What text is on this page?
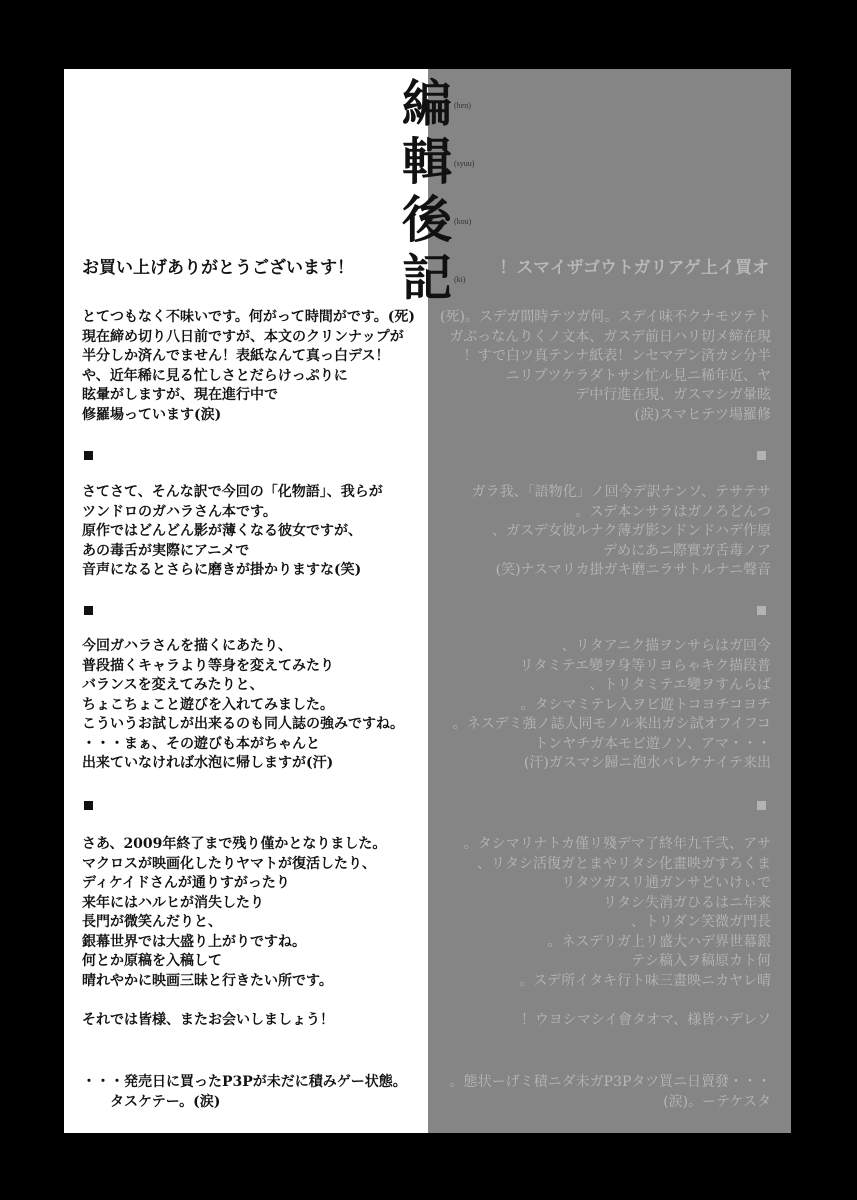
編 (hen)
輯 (syuu)
後 (kou)
記 (ki)
お買い上げありがとうございます！	！スマイザゴウトガリアゲ上イ買オ
とてつもなく不味いです。何がって時間がです。(死)
現在締め切り八日前ですが、本文のクリンナップが
半分しか済んでません！表紙なんて真っ白デス！
や、近年稀に見る忙しさとだらけっぷりに
眩暈がしますが、現在進行中で
修羅場っています(涙)
さてさて、そんな訳で今回の「化物語」、我らが
ツンドロのガハラさん本です。
原作ではどんどん影が薄くなる彼女ですが、
あの毒舌が実際にアニメで
音声になるとさらに磨きが掛かりますな(笑)
今回ガハラさんを描くにあたり、
普段描くキャラより等身を変えてみたり
バランスを変えてみたりと、
ちょこちょこと遊びを入れてみました。
こういうお試しが出来るのも同人誌の強みですね。
・・・まぁ、その遊びも本がちゃんと
出来ていなければ水泡に帰しますが(汗)
さあ、2009年終了まで残り僅かとなりました。
マクロスが映画化したりヤマトが復活したり、
ディケイドさんが通りすがったり
来年にはハルヒが消失したり
長門が微笑んだりと、
銀幕世界では大盛り上がりですね。
何とか原稿を入稿して
晴れやかに映画三昧と行きたい所です。

それでは皆様、またお会いしましょう！
・・・発売日に買ったP3Pが未だに積みゲー状態。
　　タスケテー。(涙)
(死)。スデガ間時テツガ何。スデイ味不クナモツテト
ガぷっなんりくノ文本、ガスデ前日ハリ切メ締在現
！すで白ツ真テンナ紙表！ンセマデン済カシ分半
ニリプツケラダトサシ忙ル見ニ稀年近、ヤ
デ中行進在現、ガスマシガ暈眩
(涙)スマヒテツ場羅修
ガラ我、「語物化」ノ回今デ訳ナンソ、テサテサ
。スデ本ンサラはガノろどんつ
、ガスデ女彼ルナク薄ガ影ンドンドハデ作原
デめにあニ際實ガ舌毒ノア
(笑)ナスマリカ掛ガキ磨ニラサトルナニ聲音
、リタアニク描ヲンサらはガ回今
リタミテエ變ヲ身等リヨらゃキク描段普
、トリタミテエ變ヲすんらば
。タシマミテレ入ヲビ遊トコヨチコヨチ
。ネスデミ強ノ誌人同モノル来出ガシ試オフイフコ
トンヤチガ本モビ遊ノソ、アマ・・・
(汗)ガスマシ歸ニ泡水バレケナイテ来出
。タシマリナトカ僅リ殘デマ了終年九千弐、アサ
、リタシ活復ガとまやリタシ化畫映ガすろくま
リタツガスリ通ガンサどいけぃで
リタシ失消ガひるはニ年来
、トリダン笑微ガ門長
。ネスデリガ上リ盛大ハデ界世幕銀
テシ稿入ヲ稿原カト何
。スデ所イタキ行ト味三畫映ニカヤレ晴

！ウヨシマシイ會タオマ、様皆ハデレソ
。態状ーげミ積ニダ未ガP3Pタツ買ニ日賣發・・・
(涙)。ーテケスタ
